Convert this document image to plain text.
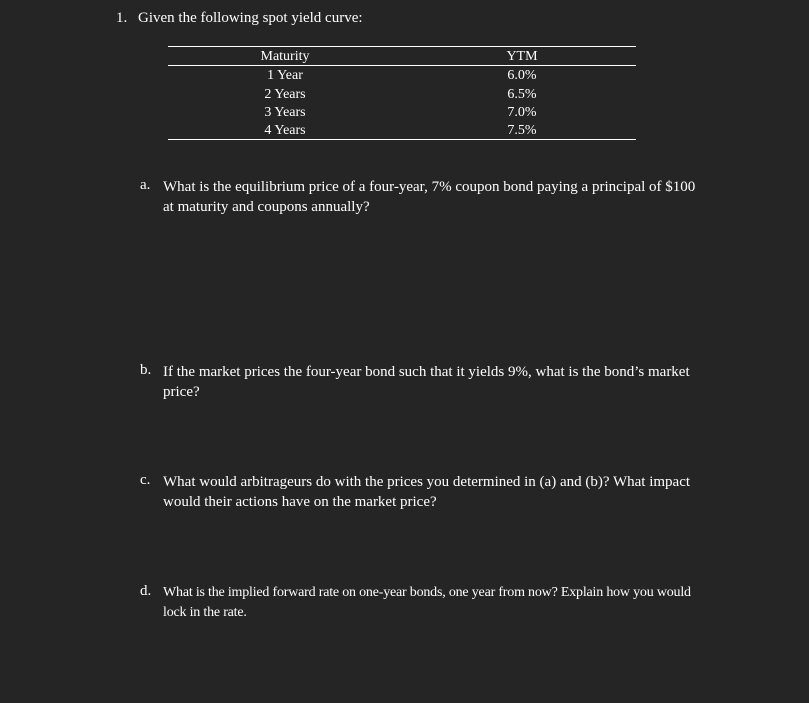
1. Given the following spot yield curve:
Maturity	YTM
1 Year	6.0%
2 Years	6.5%
3 Years	7.0%
4 Years	7.5%
a. What is the equilibrium price of a four-year, 7% coupon bond paying a principal of $100 at maturity and coupons annually?
b. If the market prices the four-year bond such that it yields 9%, what is the bond’s market price?
c. What would arbitrageurs do with the prices you determined in (a) and (b)? What impact would their actions have on the market price?
d. What is the implied forward rate on one-year bonds, one year from now? Explain how you would lock in the rate.
